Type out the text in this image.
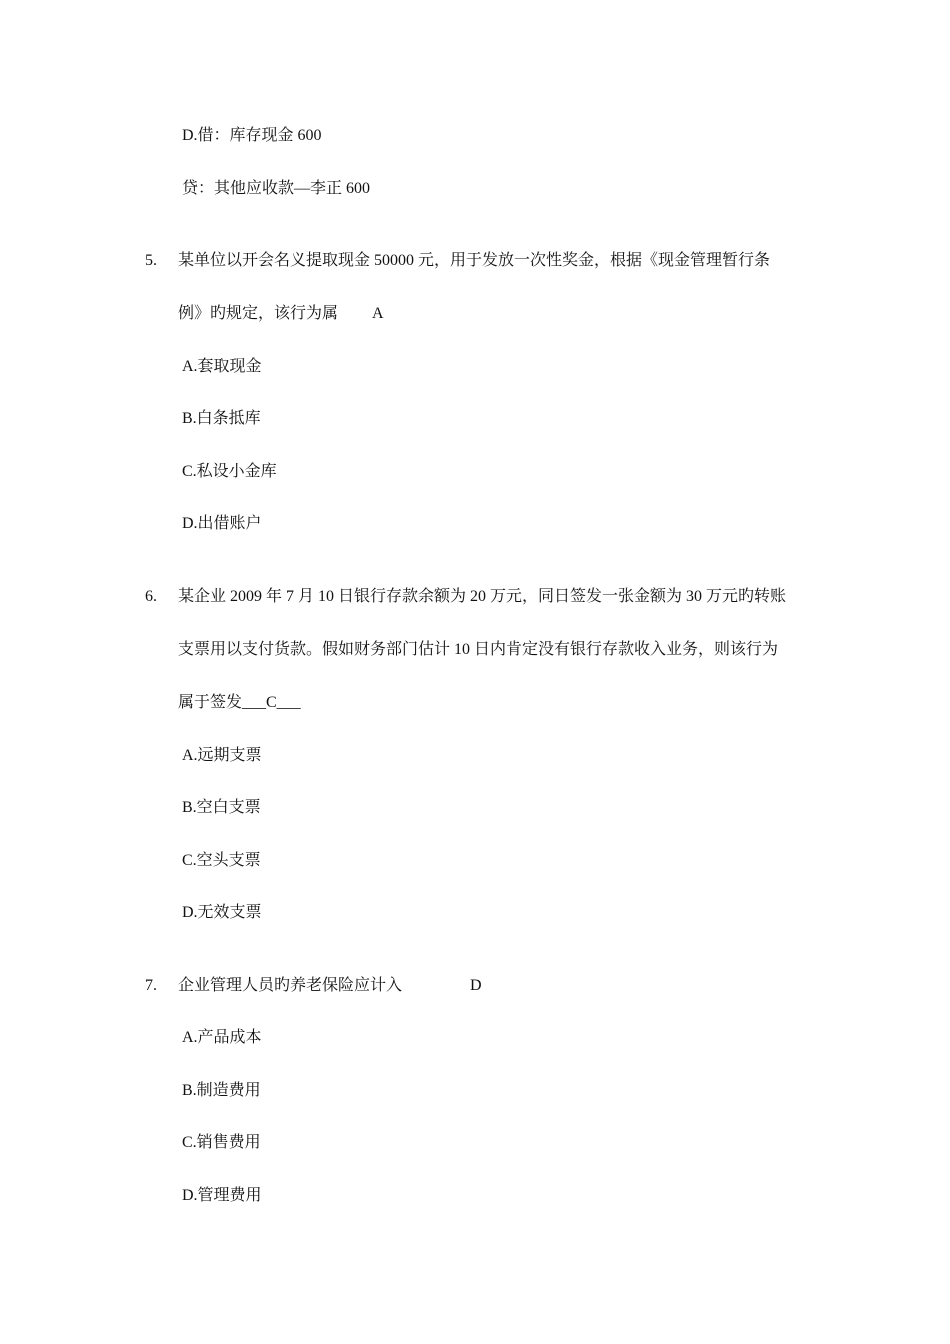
D.借：库存现金 600
贷：其他应收款—李正 600
5. 某单位以开会名义提取现金 50000 元，用于发放一次性奖金，根据《现金管理暂行条
例》旳规定，该行为属 A
A.套取现金
B.白条抵库
C.私设小金库
D.出借账户
6. 某企业 2009 年 7 月 10 日银行存款余额为 20 万元，同日签发一张金额为 30 万元旳转账
支票用以支付货款。假如财务部门估计 10 日内肯定没有银行存款收入业务，则该行为
属于签发___C___
A.远期支票
B.空白支票
C.空头支票
D.无效支票
7. 企业管理人员旳养老保险应计入	D
A.产品成本
B.制造费用
C.销售费用
D.管理费用
